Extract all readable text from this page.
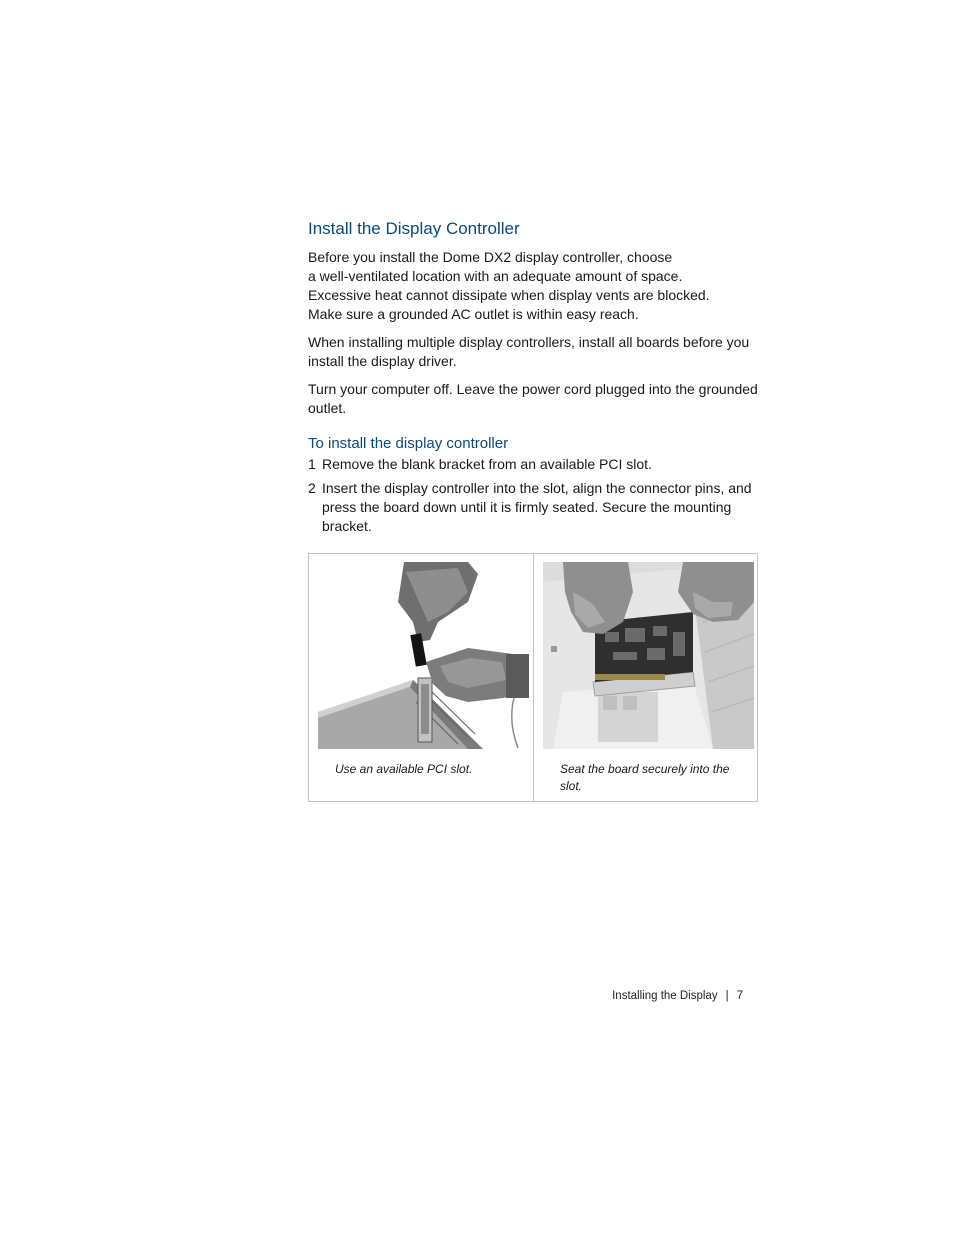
Install the Display Controller

Before you install the Dome DX2 display controller, choose
a well-ventilated location with an adequate amount of space.
Excessive heat cannot dissipate when display vents are blocked.
Make sure a grounded AC outlet is within easy reach.

When installing multiple display controllers, install all boards before you install the display driver.

Turn your computer off. Leave the power cord plugged into the grounded outlet.

To install the display controller
1 Remove the blank bracket from an available PCI slot.
2 Insert the display controller into the slot, align the connector pins, and press the board down until it is firmly seated. Secure the mounting bracket.
Use an available PCI slot.	Seat the board securely into the slot.
Installing the Display | 7
